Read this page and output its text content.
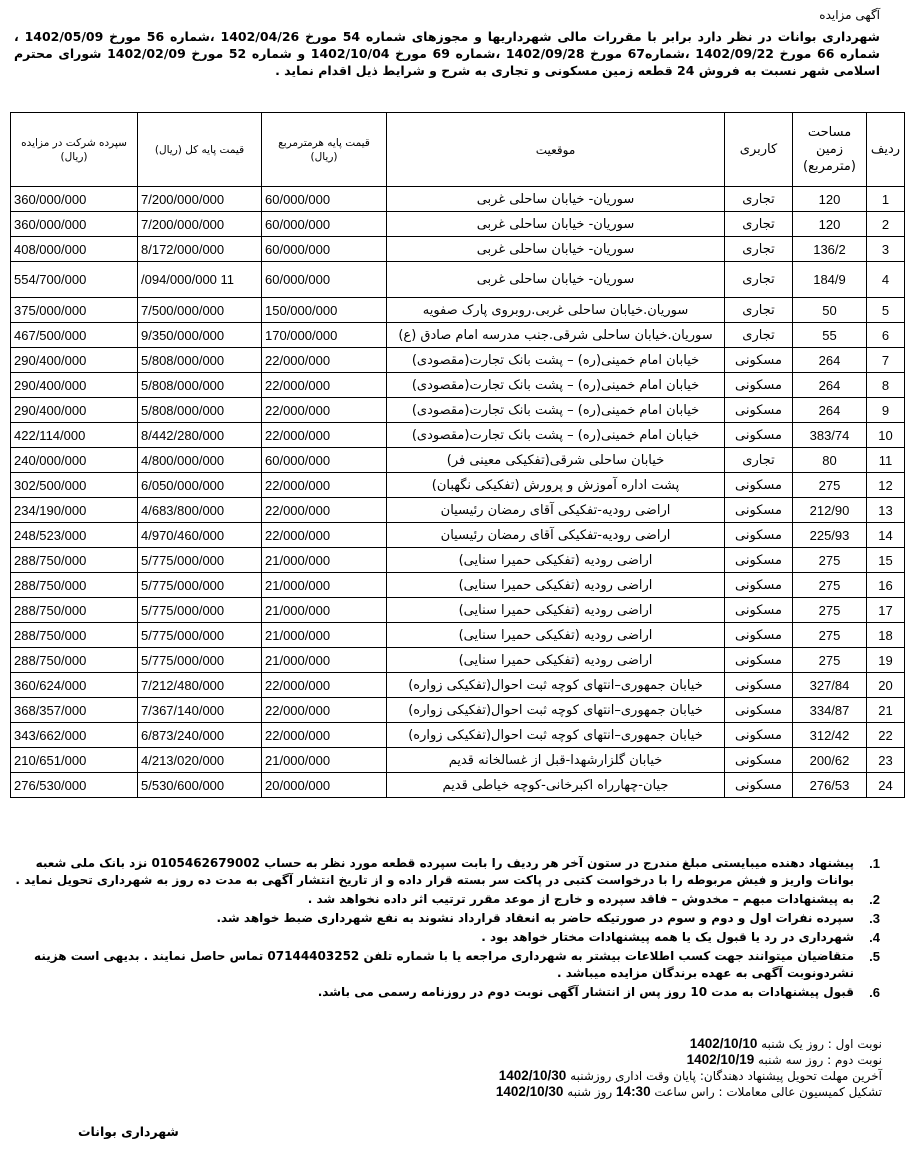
آگهی مزایده
شهرداری بوانات در نظر دارد برابر با مقررات مالی شهرداریها و مجوزهای شماره 54 مورخ 1402/04/26 ،شماره 56 مورخ 1402/05/09 ، شماره 66 مورخ 1402/09/22 ،شماره67 مورخ 1402/09/28 ،شماره 69 مورخ 1402/10/04 و شماره 52 مورخ 1402/02/09 شورای محترم اسلامی شهر نسبت به فروش 24 قطعه زمین مسکونی و تجاری به شرح و شرایط ذیل اقدام نماید .
ردیف	مساحت زمین (مترمربع)	کاربری	موقعیت	قیمت پایه هرمترمربع (ریال)	قیمت پایه کل (ریال)	سپرده شرکت در مزایده (ریال)
1	120	تجاری	سوریان- خیابان ساحلی غربی	60/000/000	7/200/000/000	360/000/000
2	120	تجاری	سوریان- خیابان ساحلی غربی	60/000/000	7/200/000/000	360/000/000
3	136/2	تجاری	سوریان- خیابان ساحلی غربی	60/000/000	8/172/000/000	408/000/000
4	184/9	تجاری	سوریان- خیابان ساحلی غربی	60/000/000	/094/000/000 11	554/700/000
5	50	تجاری	سوریان.خیابان ساحلی غربی.روبروی پارک صفویه	150/000/000	7/500/000/000	375/000/000
6	55	تجاری	سوریان.خیابان ساحلی شرقی.جنب مدرسه امام صادق (ع)	170/000/000	9/350/000/000	467/500/000
7	264	مسکونی	خیابان امام خمینی(ره) – پشت بانک تجارت(مقصودی)	22/000/000	5/808/000/000	290/400/000
8	264	مسکونی	خیابان امام خمینی(ره) – پشت بانک تجارت(مقصودی)	22/000/000	5/808/000/000	290/400/000
9	264	مسکونی	خیابان امام خمینی(ره) – پشت بانک تجارت(مقصودی)	22/000/000	5/808/000/000	290/400/000
10	383/74	مسکونی	خیابان امام خمینی(ره) – پشت بانک تجارت(مقصودی)	22/000/000	8/442/280/000	422/114/000
11	80	تجاری	خیابان ساحلی شرقی(تفکیکی معینی فر)	60/000/000	4/800/000/000	240/000/000
12	275	مسکونی	پشت اداره آموزش و پرورش (تفکیکی نگهبان)	22/000/000	6/050/000/000	302/500/000
13	212/90	مسکونی	اراضی رودیه-تفکیکی آقای رمضان رئیسیان	22/000/000	4/683/800/000	234/190/000
14	225/93	مسکونی	اراضی رودیه-تفکیکی آقای رمضان رئیسیان	22/000/000	4/970/460/000	248/523/000
15	275	مسکونی	اراضی رودیه (تفکیکی حمیرا سنایی)	21/000/000	5/775/000/000	288/750/000
16	275	مسکونی	اراضی رودیه (تفکیکی حمیرا سنایی)	21/000/000	5/775/000/000	288/750/000
17	275	مسکونی	اراضی رودیه (تفکیکی حمیرا سنایی)	21/000/000	5/775/000/000	288/750/000
18	275	مسکونی	اراضی رودیه (تفکیکی حمیرا سنایی)	21/000/000	5/775/000/000	288/750/000
19	275	مسکونی	اراضی رودیه (تفکیکی حمیرا سنایی)	21/000/000	5/775/000/000	288/750/000
20	327/84	مسکونی	خیابان جمهوری–انتهای کوچه ثبت احوال(تفکیکی زواره)	22/000/000	7/212/480/000	360/624/000
21	334/87	مسکونی	خیابان جمهوری–انتهای کوچه ثبت احوال(تفکیکی زواره)	22/000/000	7/367/140/000	368/357/000
22	312/42	مسکونی	خیابان جمهوری–انتهای کوچه ثبت احوال(تفکیکی زواره)	22/000/000	6/873/240/000	343/662/000
23	200/62	مسکونی	خیابان گلزارشهدا-قبل از غسالخانه قدیم	21/000/000	4/213/020/000	210/651/000
24	276/53	مسکونی	جیان-چهارراه اکبرخانی-کوچه خیاطی قدیم	20/000/000	5/530/600/000	276/530/000
1.
پیشنهاد دهنده میبایستی مبلغ مندرج در ستون آخر هر ردیف را بابت سپرده قطعه مورد نظر به حساب 0105462679002 نزد بانک ملی شعبه بوانات واریز و فیش مربوطه را با درخواست کتبی در پاکت سر بسته قرار داده و از تاریخ انتشار آگهی به مدت ده روز به شهرداری تحویل نماید .
2.
به پیشنهادات مبهم – مخدوش – فاقد سپرده و خارج از موعد مقرر ترتیب اثر داده نخواهد شد .
3.
سپرده نفرات اول و دوم و سوم در صورتیکه حاضر به انعقاد قرارداد نشوند به نفع شهرداری ضبط خواهد شد.
4.
شهرداری در رد یا قبول یک یا همه پیشنهادات مختار خواهد بود .
5.
متقاضیان میتوانند جهت کسب اطلاعات بیشتر به شهرداری مراجعه یا با شماره تلفن 07144403252 تماس حاصل نمایند . بدیهی است هزینه نشردونوبت آگهی به عهده برندگان مزایده میباشد .
6.
قبول پیشنهادات به مدت 10 روز پس از انتشار آگهی نوبت دوم در روزنامه رسمی می باشد.
نوبت اول : روز یک شنبه 1402/10/10
نوبت دوم : روز سه شنبه 1402/10/19
آخرین مهلت تحویل پیشنهاد دهندگان: پایان وقت اداری روزشنبه 1402/10/30
تشکیل کمیسیون عالی معاملات : راس ساعت 14:30 روز شنبه 1402/10/30
شهرداری بوانات
